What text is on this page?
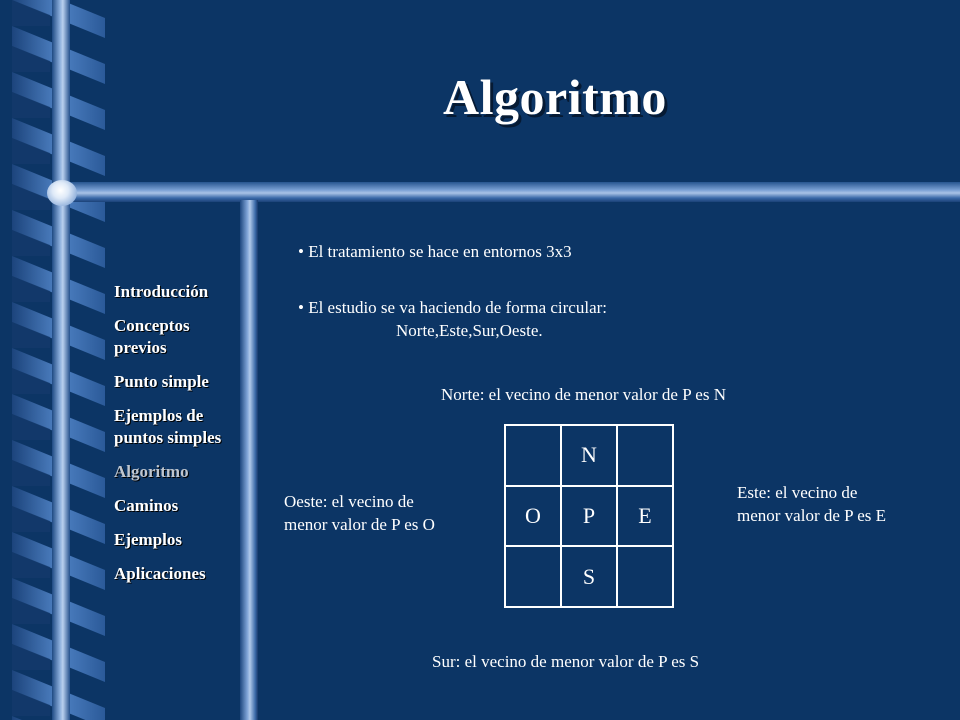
Algoritmo
Introducción
Conceptos previos
Punto simple
Ejemplos de puntos simples
Algoritmo
Caminos
Ejemplos
Aplicaciones
• El tratamiento se hace en entornos 3x3
• El estudio se va haciendo de forma circular:
Norte,Este,Sur,Oeste.
Norte: el vecino de menor valor de P es N
Oeste: el vecino de
menor valor de P es O
Este: el vecino de
menor valor de P es E
Sur: el vecino de menor valor de P es S
N
O	P	E
S
